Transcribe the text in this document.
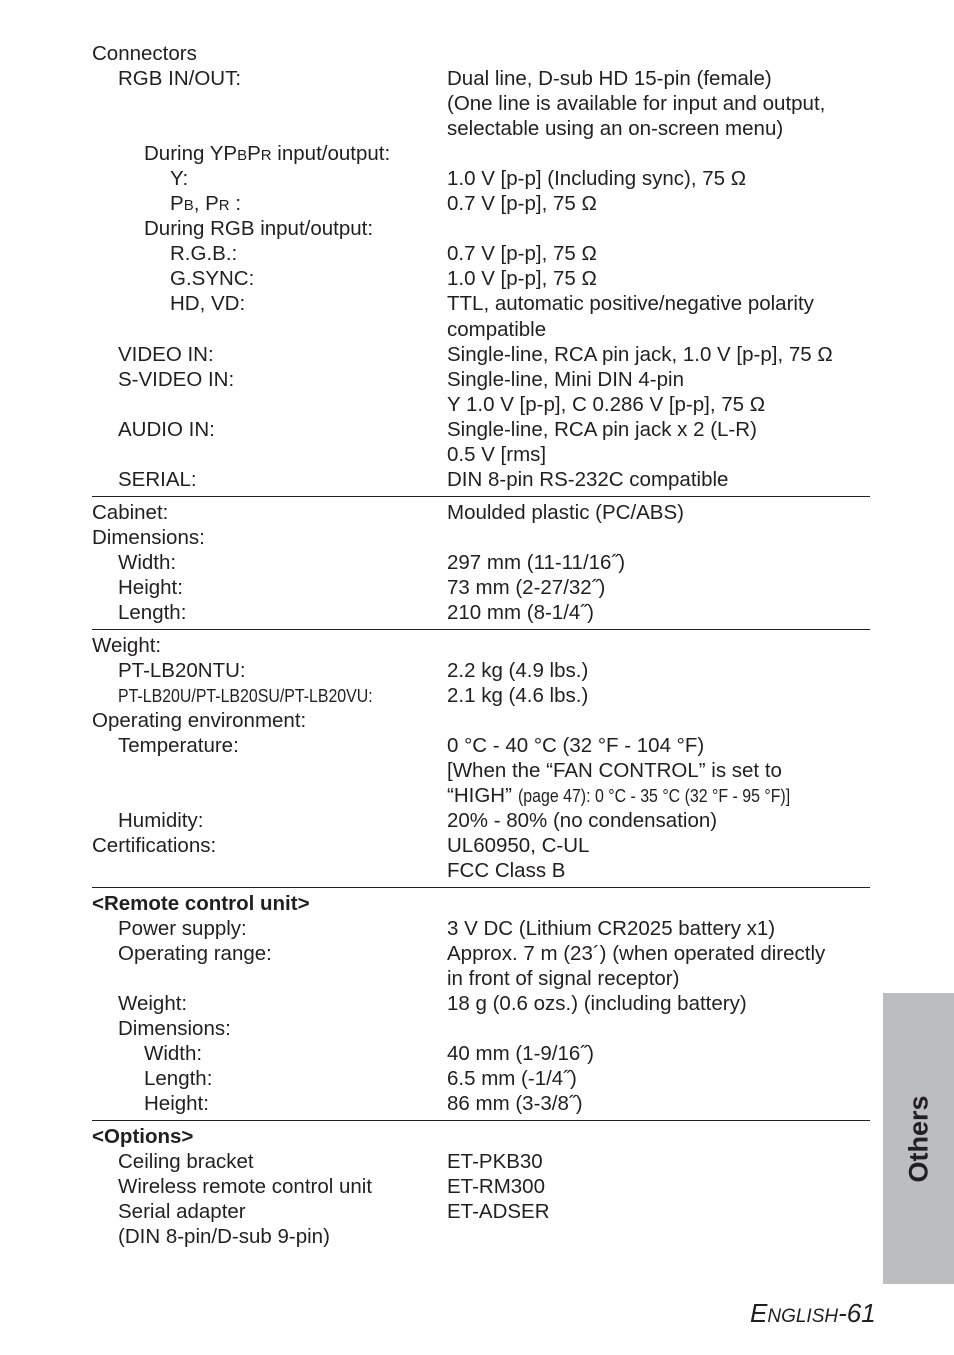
Connectors
RGB IN/OUT:	Dual line, D-sub HD 15-pin (female)
(One line is available for input and output,
selectable using an on-screen menu)
During YPBPR input/output:
Y:	1.0 V [p-p] (Including sync), 75 Ω
PB, PR :	0.7 V [p-p], 75 Ω
During RGB input/output:
R.G.B.:	0.7 V [p-p], 75 Ω
G.SYNC:	1.0 V [p-p], 75 Ω
HD, VD:	TTL, automatic positive/negative polarity
compatible
VIDEO IN:	Single-line, RCA pin jack, 1.0 V [p-p], 75 Ω
S-VIDEO IN:	Single-line, Mini DIN 4-pin
Y 1.0 V [p-p], C 0.286 V [p-p], 75 Ω
AUDIO IN:	Single-line, RCA pin jack x 2 (L-R)
0.5 V [rms]
SERIAL:	DIN 8-pin RS-232C compatible
Cabinet:	Moulded plastic (PC/ABS)
Dimensions:
Width:	297 mm (11-11/16˝)
Height:	73 mm (2-27/32˝)
Length:	210 mm (8-1/4˝)
Weight:
PT-LB20NTU:	2.2 kg (4.9 lbs.)
PT-LB20U/PT-LB20SU/PT-LB20VU:	2.1 kg (4.6 lbs.)
Operating environment:
Temperature:	0 °C - 40 °C (32 °F - 104 °F)
[When the “FAN CONTROL” is set to
“HIGH” (page 47): 0 °C - 35 °C (32 °F - 95 °F)]
Humidity:	20% - 80% (no condensation)
Certifications:	UL60950, C-UL
FCC Class B
<Remote control unit>
Power supply:	3 V DC (Lithium CR2025 battery x1)
Operating range:	Approx. 7 m (23´) (when operated directly
in front of signal receptor)
Weight:	18 g (0.6 ozs.) (including battery)
Dimensions:
Width:	40 mm (1-9/16˝)
Length:	6.5 mm (-1/4˝)
Height:	86 mm (3-3/8˝)
<Options>
Ceiling bracket	ET-PKB30
Wireless remote control unit	ET-RM300
Serial adapter	ET-ADSER
(DIN 8-pin/D-sub 9-pin)
Others
ENGLISH-61
